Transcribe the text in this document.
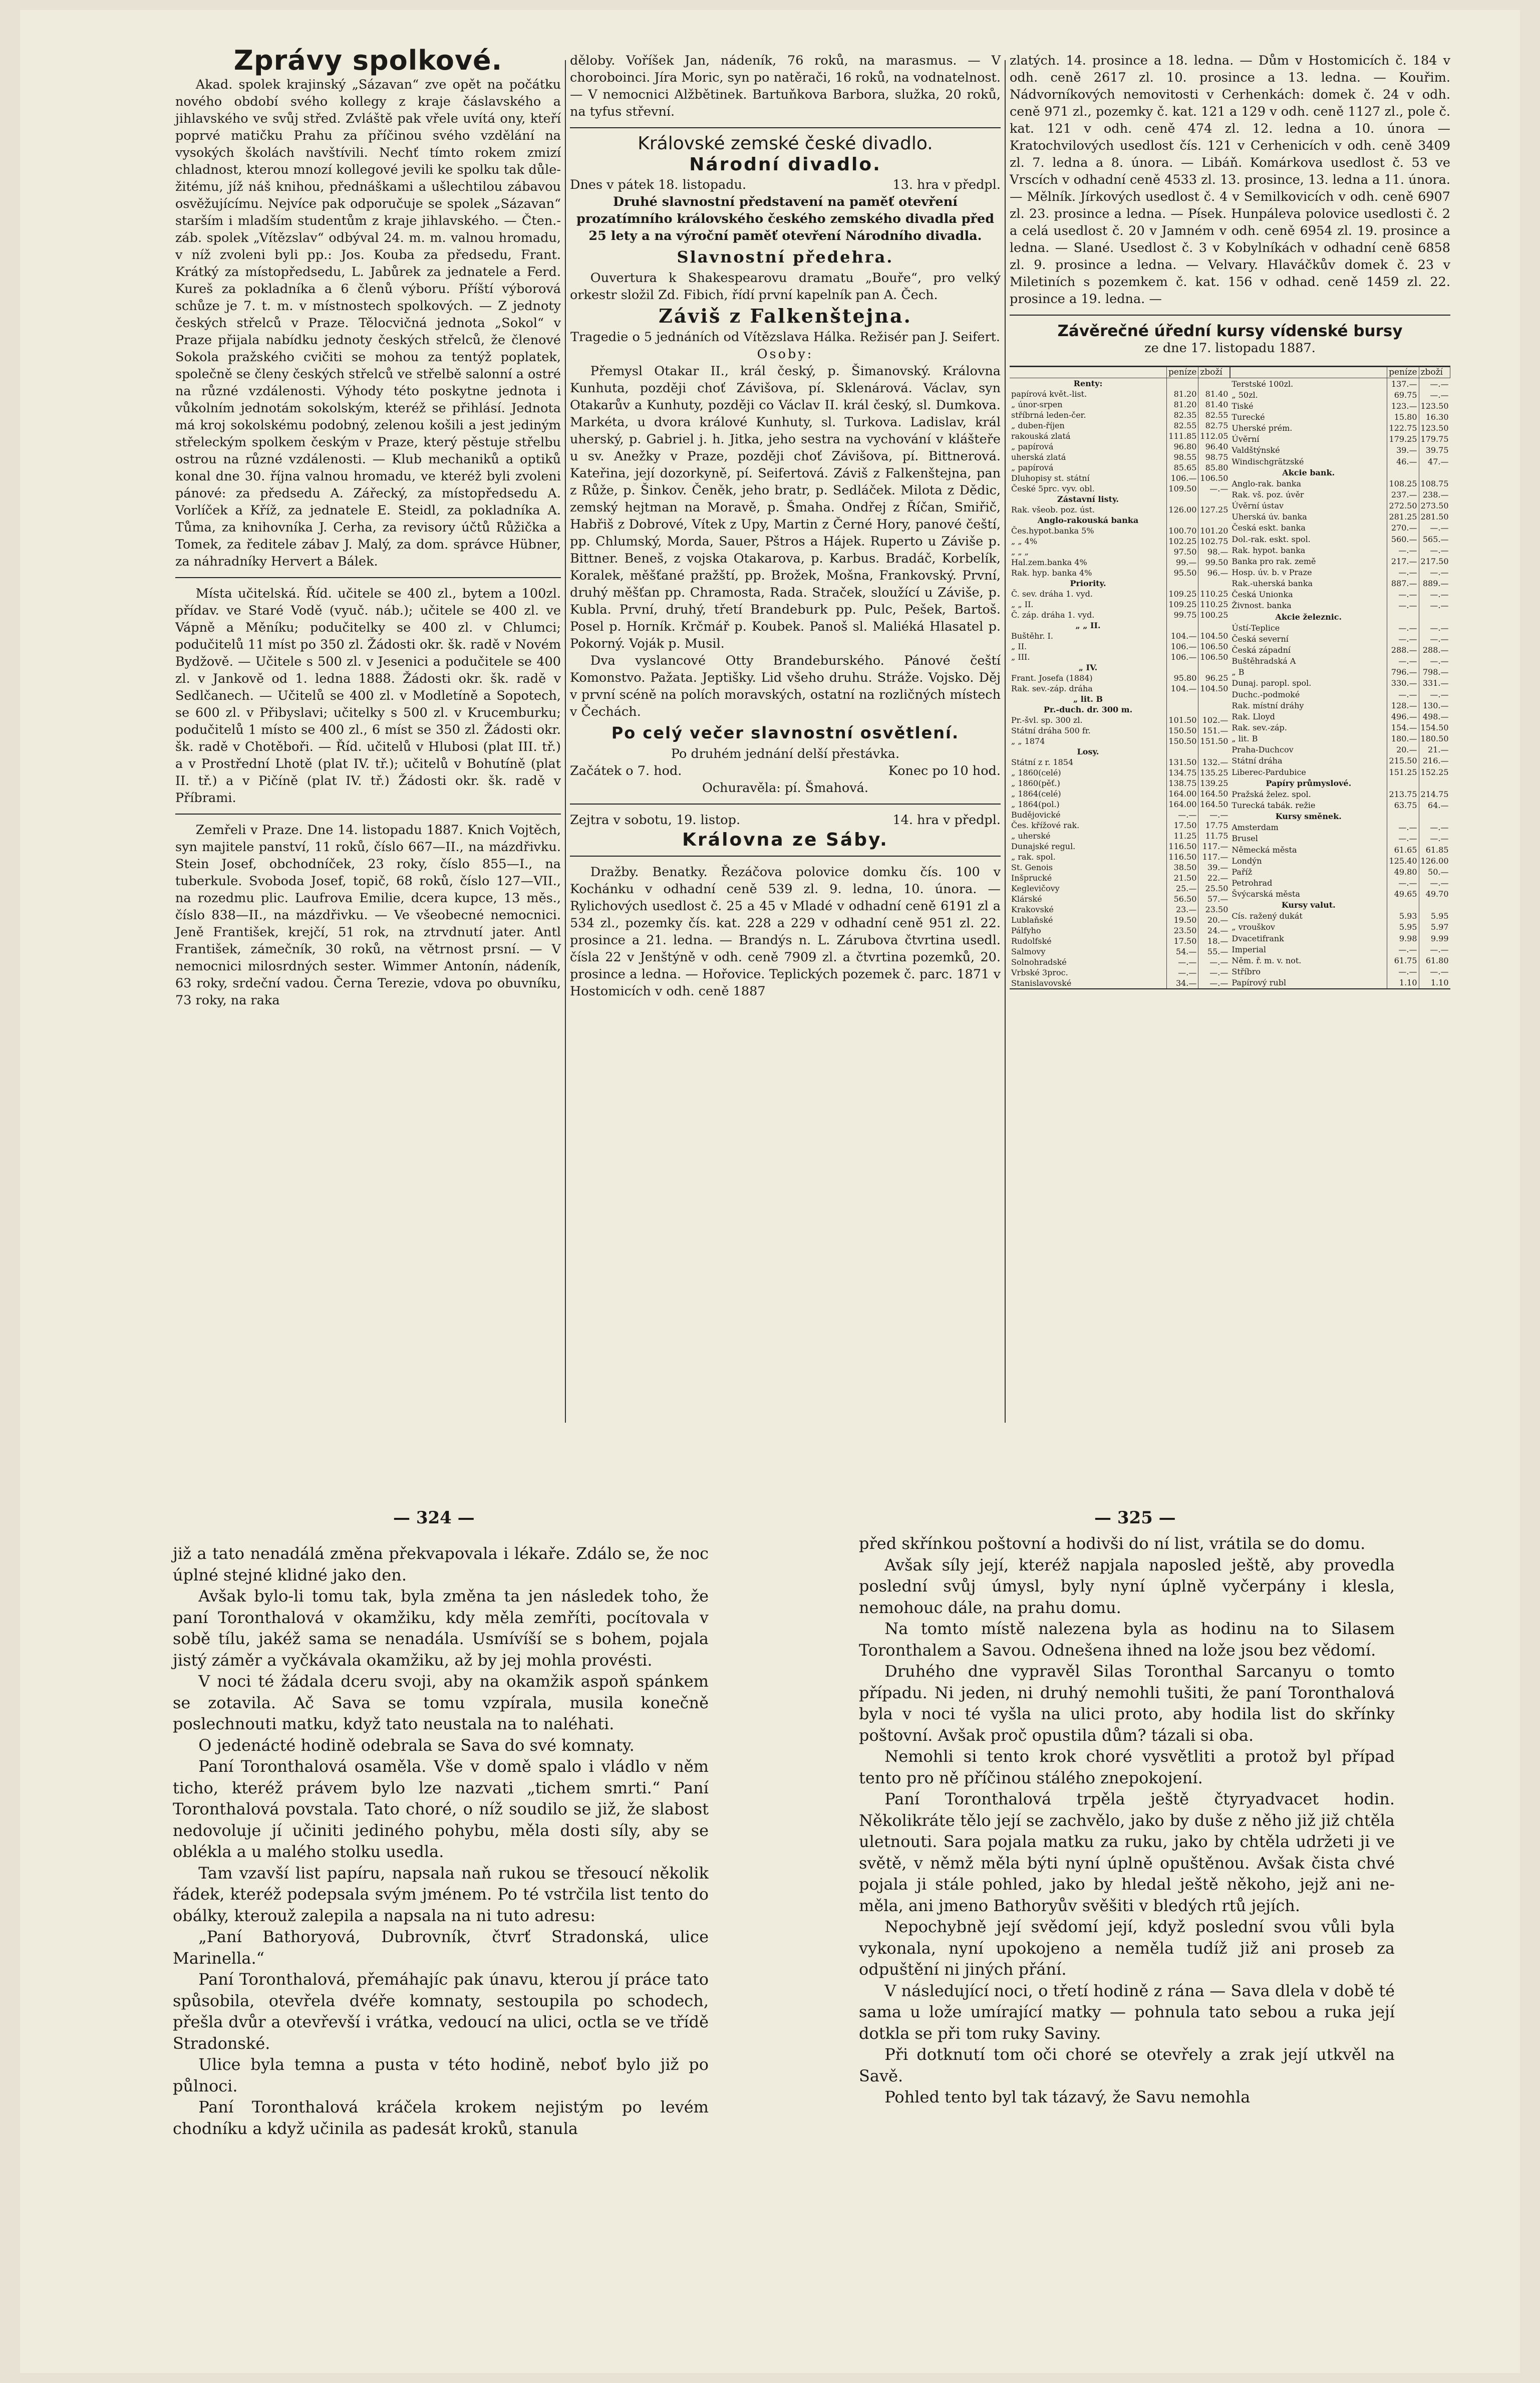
Zprávy spolkové.

Akad. spolek krajinský „Sázavan“ zve opět na počátku nového období svého kollegy z kraje čáslavského a jihlavského ve svůj střed. Zvláště pak vřele uvítá ony, kteří poprvé matičku Prahu za příčinou svého vzdělání na vysokých školách navštívili. Nechť tímto rokem zmizí chladnost, kterou mnozí kollegové jevili ke spolku tak důležitému, jíž náš knihou, přednáškami a ušlechtilou zábavou osvěžujícímu. Nejvíce pak odporučuje se spolek „Sázavan“ starším i mladším studentům z kraje jihlavského. — Čten.-záb. spolek „Vítězslav“ odbýval 24. m. m. valnou hromadu, v níž zvoleni byli pp.: Jos. Kouba za předsedu, Frant. Krátký za místopředsedu, L. Jabůrek za jednatele a Ferd. Kureš za pokladníka a 6 členů výboru. Příští výborová schůze je 7. t. m. v místnostech spolkových. — Z jednoty českých střelců v Praze. Tělocvičná jednota „Sokol“ v Praze přijala nabídku jednoty českých střelců, že členové Sokola pražského cvičiti se mohou za tentýž poplatek, společně se členy českých střelců ve střelbě salonní a ostré na různé vzdálenosti. Výhody této poskytne jednota i vůkolním jednotám sokolským, kteréž se přihlásí. Jednota má kroj sokolskému podobný, zelenou košili a jest jediným střeleckým spolkem českým v Praze, který pěstuje střelbu ostrou na různé vzdálenosti. — Klub mechaniků a optiků konal dne 30. října valnou hromadu, ve kteréž byli zvoleni pánové: za předsedu A. Zářecký, za místopředsedu A. Vorlíček a Kříž, za jednatele E. Steidl, za pokladníka A. Tůma, za knihovníka J. Cerha, za revisory účtů Růžička a Tomek, za ředitele zábav J. Malý, za dom. správce Hübner, za náhradníky Hervert a Bálek.

Místa učitelská. Říd. učitele se 400 zl., bytem a 100zl. přídav. ve Staré Vodě (vyuč. náb.); učitele se 400 zl. ve Vápně a Měníku; podučitelky se 400 zl. v Chlumci; podučitelů 11 míst po 350 zl. Žádosti okr. šk. radě v Novém Bydžově. — Učitele s 500 zl. v Jesenici a podučitele se 400 zl. v Jankově od 1. ledna 1888. Žádosti okr. šk. radě v Sedlčanech. — Učitelů se 400 zl. v Modletíně a Sopotech, se 600 zl. v Přibyslavi; učitelky s 500 zl. v Krucemburku; podučitelů 1 místo se 400 zl., 6 míst se 350 zl. Žádosti okr. šk. radě v Chotěboři. — Říd. učitelů v Hlubosi (plat III. tř.) a v Prostřední Lhotě (plat IV. tř.); učitelů v Bohutíně (plat II. tř.) a v Pičíně (plat IV. tř.) Žádosti okr. šk. radě v Příbrami.

Zemřeli v Praze. Dne 14. listopadu 1887. Knich Vojtěch, syn majitele panství, 11 roků, číslo 667—II., na mázdřivku. Stein Josef, obchodníček, 23 roky, číslo 855—I., na tuberkule. Svoboda Josef, topič, 68 roků, číslo 127—VII., na rozedmu plic. Laufrova Emilie, dcera kupce, 13 měs., číslo 838—II., na mázdřivku. — Ve všeobecné nemocnici. Jeně František, krejčí, 51 rok, na ztrvdnutí jater. Antl František, zámečník, 30 roků, na větrnost prsní. — V nemocnici milosrdných sester. Wimmer Antonín, nádeník, 63 roky, srdeční vadou. Černa Terezie, vdova po obuvníku, 73 roky, na raka

děloby. Voříšek Jan, nádeník, 76 roků, na marasmus. — V choroboinci. Jíra Moric, syn po natěrači, 16 roků, na vodnatelnost. — V nemocnici Alžbětinek. Bartuňkova Barbora, služka, 20 roků, na tyfus střevní.

Královské zemské české divadlo.
Národní divadlo.
Dnes v pátek 18. listopadu.	13. hra v předpl.

Druhé slavnostní představení na paměť otevření prozatímního královského českého zemského divadla před 25 lety a na výroční paměť otevření Národního divadla.

Slavnostní předehra.

Ouvertura k Shakespearovu dramatu „Bouře“, pro velký orkestr složil Zd. Fibich, řídí první kapelník pan A. Čech.

Záviš z Falkenštejna.

Tragedie o 5 jednáních od Vítězslava Hálka. Režisér pan J. Seifert.

Osoby:

Přemysl Otakar II., král český, p. Šimanovský. Královna Kunhuta, později choť Závišova, pí. Sklenárová. Václav, syn Otakarův a Kunhuty, později co Václav II. král český, sl. Dumkova. Markéta, u dvora králové Kunhuty, sl. Turkova. Ladislav, král uherský, p. Gabriel j. h. Jitka, jeho sestra na vychování v klášteře u sv. Anežky v Praze, později choť Závišova, pí. Bittnerová. Kateřina, její dozorkyně, pí. Seifertová. Záviš z Falkenštejna, pan z Růže, p. Šinkov. Čeněk, jeho bratr, p. Sedláček. Milota z Dědic, zemský hejtman na Moravě, p. Šmaha. Ondřej z Říčan, Smiřič, Habřiš z Dobrové, Vítek z Upy, Martin z Černé Hory, panové čeští, pp. Chlumský, Morda, Sauer, Pštros a Hájek. Ruperto u Záviše p. Bittner. Beneš, z vojska Otakarova, p. Karbus. Bradáč, Korbelík, Koralek, měšťané pražští, pp. Brožek, Mošna, Frankovský. První, druhý měšťan pp. Chramosta, Rada. Straček, sloužící u Záviše, p. Kubla. První, druhý, třetí Brandeburk pp. Pulc, Pešek, Bartoš. Posel p. Horník. Krčmář p. Koubek. Panoš sl. Maliéká Hlasatel p. Pokorný. Voják p. Musil.

Dva vyslancové Otty Brandeburského. Pánové čeští Komonstvo. Pažata. Jeptišky. Lid všeho druhu. Stráže. Vojsko. Děj v první scéně na polích moravských, ostatní na rozličných místech v Čechách.

Po celý večer slavnostní osvětlení.

Po druhém jednání delší přestávka.

Začátek o 7. hod.	Konec po 10 hod.

Ochuravěla: pí. Šmahová.

Zejtra v sobotu, 19. listop.	14. hra v předpl.
Královna ze Sáby.

Dražby. Benatky. Řezáčova polovice domku čís. 100 v Kochánku v odhadní ceně 539 zl. 9. ledna, 10. února. — Rylichových usedlost č. 25 a 45 v Mladé v odhadní ceně 6191 zl a 534 zl., pozemky čís. kat. 228 a 229 v odhadní ceně 951 zl. 22. prosince a 21. ledna. — Brandýs n. L. Zárubova čtvrtina usedl. čísla 22 v Jenštýně v odh. ceně 7909 zl. a čtvrtina pozemků, 20. prosince a ledna. — Hořovice. Teplických pozemek č. parc. 1871 v Hostomicích v odh. ceně 1887

zlatých. 14. prosince a 18. ledna. — Dům v Hostomicích č. 184 v odh. ceně 2617 zl. 10. prosince a 13. ledna. — Kouřim. Nádvorníkových nemovitosti v Cerhenkách: domek č. 24 v odh. ceně 971 zl., pozemky č. kat. 121 a 129 v odh. ceně 1127 zl., pole č. kat. 121 v odh. ceně 474 zl. 12. ledna a 10. února — Kratochvilových usedlost čís. 121 v Cerhenicích v odh. ceně 3409 zl. 7. ledna a 8. února. — Libáň. Komárkova usedlost č. 53 ve Vrscích v odhadní ceně 4533 zl. 13. prosince, 13. ledna a 11. února. — Mělník. Jírkových usedlost č. 4 v Semilkovicích v odh. ceně 6907 zl. 23. prosince a ledna. — Písek. Hunpáleva polovice usedlosti č. 2 a celá usedlost č. 20 v Jamném v odh. ceně 6954 zl. 19. prosince a ledna. — Slané. Usedlost č. 3 v Kobylníkách v odhadní ceně 6858 zl. 9. prosince a ledna. — Velvary. Hlaváčkův domek č. 23 v Miletiních s pozemkem č. kat. 156 v odhad. ceně 1459 zl. 22. prosince a 19. ledna. —

Závěrečné úřední kursy vídenské bursy
ze dne 17. listopadu 1887.
	peníze	zboží
Renty:		
papírová květ.-list.	81.20	81.40
„ únor-srpen	81.20	81.40
stříbrná leden-čer.	82.35	82.55
„ duben-říjen	82.55	82.75
rakouská zlatá	111.85	112.05
„ papírová	96.80	96.40
uherská zlatá	98.55	98.75
„ papírová	85.65	85.80
Dluhopisy st. státní	106.—	106.50

České 5prc. vyv. obl.	109.50	—.—
Zástavní listy.		
Rak. všeob. poz. úst.	126.00	127.25
Anglo-rakouská banka		
Čes.hypot.banka 5%	100.70	101.20
„ „ 4%	102.25	102.75
„ „ „	97.50	98.—
Hal.zem.banka 4%	99.—	99.50
Rak. hyp. banka 4%	95.50	96.—
Priority.		
Č. sev. dráha 1. vyd.	109.25	110.25
„ „ II.	109.25	110.25
Č. záp. dráha 1. vyd.	99.75	100.25
„ „ II.		
Buštěhr. I.	104.—	104.50
„ II.	106.—	106.50
„ III.	106.—	106.50
„ IV.		
Frant. Josefa (1884)	95.80	96.25
Rak. sev.-záp. dráha	104.—	104.50
„ lit. B		
Pr.-duch. dr. 300 m.		
Pr.-švl. sp. 300 zl.	101.50	102.—
Státní dráha 500 fr.	150.50	151.—
„ „ 1874	150.50	151.50
Losy.		
Státní z r. 1854	131.50	132.—
„ 1860(celé)	134.75	135.25
„ 1860(pěť.)	138.75	139.25
„ 1864(celé)	164.00	164.50
„ 1864(pol.)	164.00	164.50
Budějovické	—.—	—.—
Čes. křížové rak.	17.50	17.75
„ uherské	11.25	11.75
Dunajské regul.	116.50	117.—
„ rak. spol.	116.50	117.—
St. Genois	38.50	39.—
Inšprucké	21.50	22.—
Keglevičovy	25.—	25.50
Klárské	56.50	57.—
Krakovské	23.—	23.50
Lublaňské	19.50	20.—
Pálfyho	23.50	24.—
Rudolfské	17.50	18.—
Salmovy	54.—	55.—
Solnohradské	—.—	—.—
Vrbské 3proc.	—.—	—.—
Stanislavovské	34.—	—.—
	peníze	zboží
Terstské 100zl.	137.—	—.—
„ 50zl.	69.75	—.—
Tiské	123.—	123.50
Turecké	15.80	16.30
Uherské prém.	122.75	123.50
Úvěrní	179.25	179.75
Valdštýnské	39.—	39.75
Windischgrätzské	46.—	47.—
Akcie bank.		
Anglo-rak. banka	108.25	108.75
Rak. vš. poz. úvěr	237.—	238.—
Úvěrní ústav	272.50	273.50
Uherská úv. banka	281.25	281.50
Česká eskt. banka	270.—	—.—
Dol.-rak. eskt. spol.	560.—	565.—
Rak. hypot. banka	—.—	—.—
Banka pro rak. země	217.—	217.50
Hosp. úv. b. v Praze	—.—	—.—
Rak.-uherská banka	887.—	889.—
Česká Unionka	—.—	—.—
Živnost. banka	—.—	—.—
Akcie železnic.		
Ústí-Teplice	—.—	—.—
Česká severní	—.—	—.—
Česká západní	288.—	288.—
Buštěhradská A	—.—	—.—
„ B	796.—	798.—
Dunaj. paropl. spol.	330.—	331.—
Duchc.-podmoké	—.—	—.—
Rak. místní dráhy	128.—	130.—
Rak. Lloyd	496.—	498.—
Rak. sev.-záp.	154.—	154.50
„ lit. B	180.—	180.50
Praha-Duchcov	20.—	21.—
Státní dráha	215.50	216.—
Liberec-Pardubice	151.25	152.25
Papíry průmyslové.		
Pražská želez. spol.	213.75	214.75
Turecká tabák. režie	63.75	64.—
Kursy směnek.		
Amsterdam	—.—	—.—
Brusel	—.—	—.—
Německá města	61.65	61.85
Londýn	125.40	126.00
Paříž	49.80	50.—
Petrohrad	—.—	—.—
Švýcarská města	49.65	49.70
Kursy valut.		
Cís. ražený dukát	5.93	5.95
„ vrouškov	5.95	5.97
Dvacetifrank	9.98	9.99
Imperial	—.—	—.—
Něm. ř. m. v. not.	61.75	61.80
Stříbro	—.—	—.—
Papírový rubl	1.10	1.10
— 324 —	— 325 —

již a tato nenadálá změna překvapovala i lékaře. Zdálo se, že noc úplné stejné klidné jako den.

Avšak bylo-li tomu tak, byla změna ta jen následek toho, že paní Toronthalová v okamžiku, kdy měla zemříti, pocítovala v sobě tílu, jakéž sama se nenadála. Usmívíší se s bohem, pojala jistý záměr a vyčkávala okamžiku, až by jej mohla provésti.

V noci té žádala dceru svoji, aby na okamžik aspoň spánkem se zotavila. Ač Sava se tomu vzpírala, musila konečně poslechnouti matku, když tato neustala na to naléhati.

O jedenácté hodině odebrala se Sava do své komnaty.

Paní Toronthalová osaměla. Vše v domě spalo i vládlo v něm ticho, kteréž právem bylo lze nazvati „tichem smrti.“ Paní Toronthalová povstala. Tato choré, o níž soudilo se již, že slabost nedovoluje jí učiniti jediného pohybu, měla dosti síly, aby se oblékla a u malého stolku usedla.

Tam vzavší list papíru, napsala naň rukou se třesoucí několik řádek, kteréž podepsala svým jménem. Po té vstrčila list tento do obálky, kterouž zalepila a napsala na ni tuto adresu:

„Paní Bathoryová, Dubrovník, čtvrť Stradonská, ulice Marinella.“

Paní Toronthalová, přemáhajíc pak únavu, kterou jí práce tato spůsobila, otevřela dvéře komnaty, sestoupila po schodech, přešla dvůr a otevřevší i vrátka, vedoucí na ulici, octla se ve třídě Stradonské.

Ulice byla temna a pusta v této hodině, neboť bylo již po půlnoci.

Paní Toronthalová kráčela krokem nejistým po levém chodníku a když učinila as padesát kroků, stanula

před skřínkou poštovní a hodivši do ní list, vrátila se do domu.

Avšak síly její, kteréž napjala naposled ještě, aby provedla poslední svůj úmysl, byly nyní úplně vyčerpány i klesla, nemohouc dále, na prahu domu.

Na tomto místě nalezena byla as hodinu na to Silasem Toronthalem a Savou. Odnešena ihned na lože jsou bez vědomí.

Druhého dne vypravěl Silas Toronthal Sarcanyu o tomto případu. Ni jeden, ni druhý nemohli tušiti, že paní Toronthalová byla v noci té vyšla na ulici proto, aby hodila list do skřínky poštovní. Avšak proč opustila dům? tázali si oba.

Nemohli si tento krok choré vysvětliti a protož byl případ tento pro ně příčinou stálého znepokojení.

Paní Toronthalová trpěla ještě čtyryadvacet hodin. Několikráte tělo její se zachvělo, jako by duše z něho již již chtěla uletnouti. Sara pojala matku za ruku, jako by chtěla udržeti ji ve světě, v němž měla býti nyní úplně opuštěnou. Avšak čista chvé pojala ji stále pohled, jako by hledal ještě někoho, jejž ani neměla, ani jmeno Bathoryův svěšiti v bledých rtů jejích.

Nepochybně její svědomí její, když poslední svou vůli byla vykonala, nyní upokojeno a neměla tudíž již ani proseb za odpuštění ni jiných přání.

V následující noci, o třetí hodině z rána — Sava dlela v době té sama u lože umírající matky — pohnula tato sebou a ruka její dotkla se při tom ruky Saviny.

Při dotknutí tom oči choré se otevřely a zrak její utkvěl na Savě.

Pohled tento byl tak tázavý, že Savu nemohla
